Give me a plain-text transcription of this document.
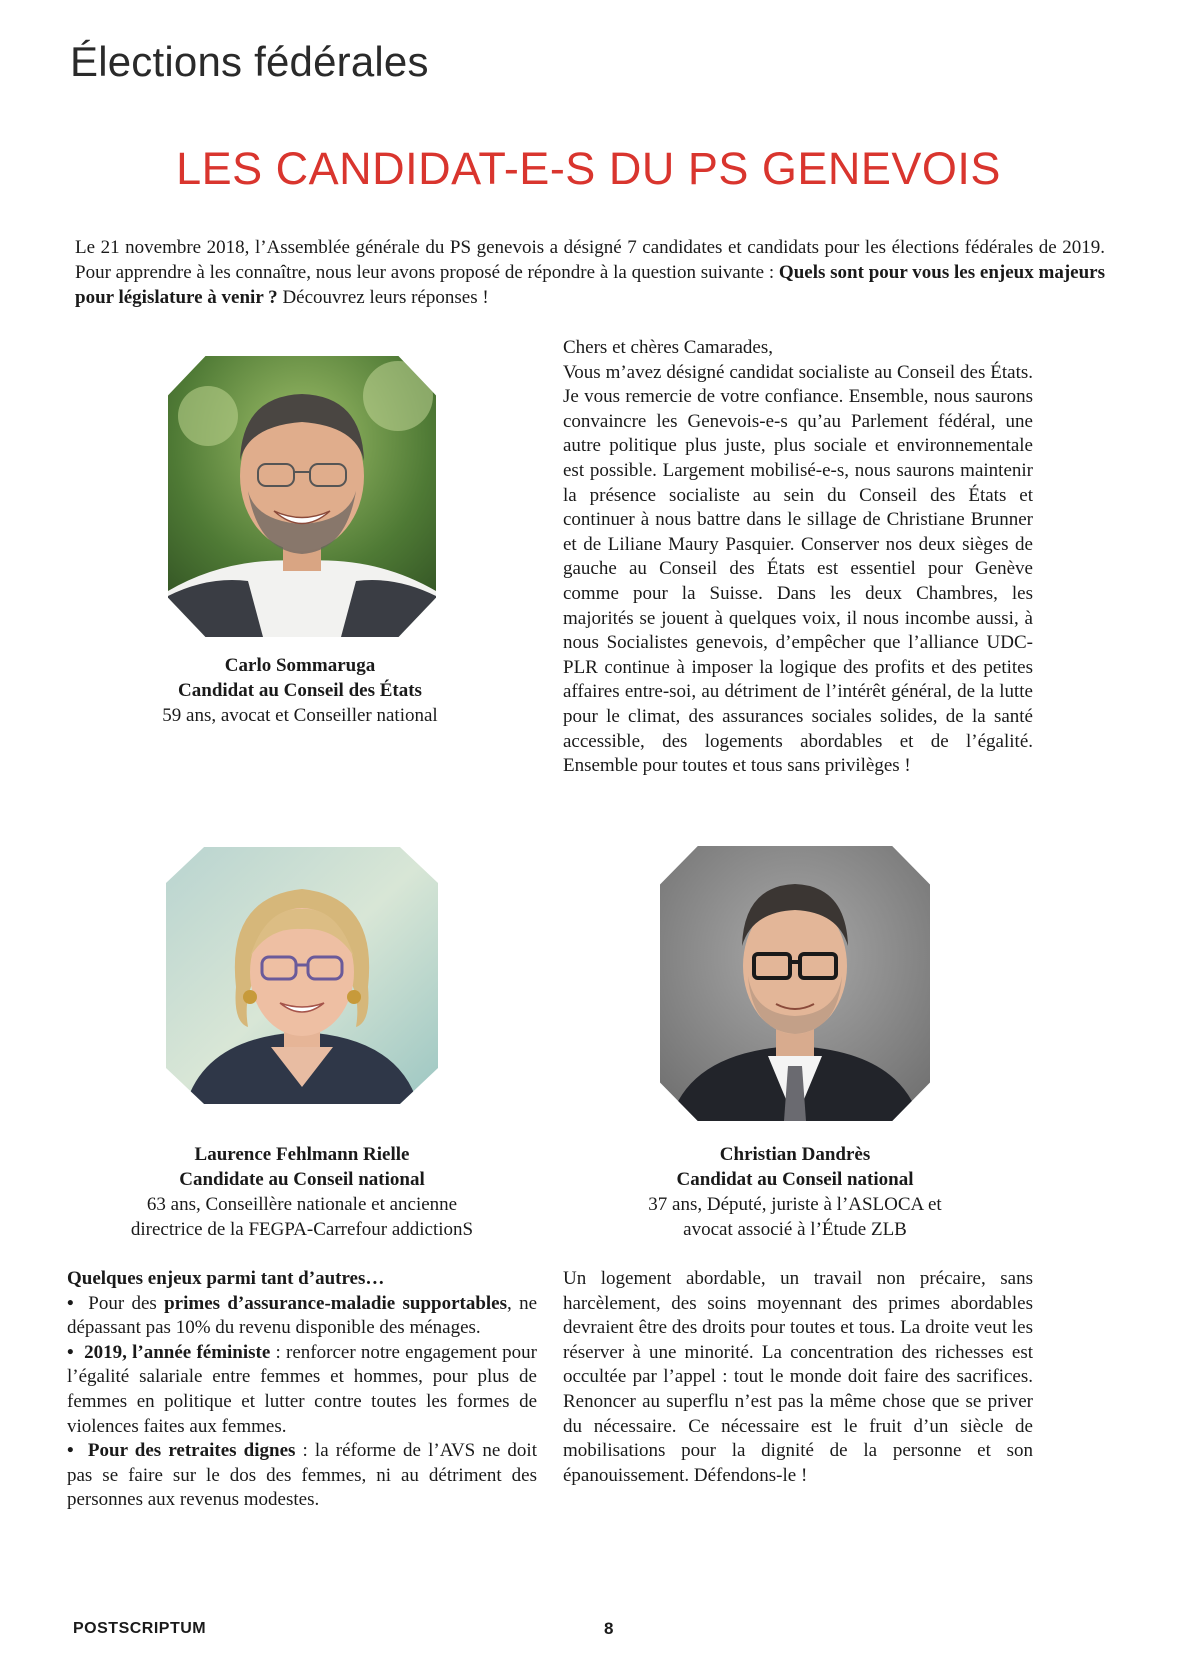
Élections fédérales
LES CANDIDAT-E-S DU PS GENEVOIS
Le 21 novembre 2018, l’Assemblée générale du PS genevois a désigné 7 candidates et candidats pour les élections fédérales de 2019. Pour apprendre à les connaître, nous leur avons proposé de répondre à la question suivante : Quels sont pour vous les enjeux majeurs pour législature à venir ? Découvrez leurs réponses !
Carlo Sommaruga
Candidat au Conseil des États
59 ans, avocat et Conseiller national

Chers et chères Camarades,

Vous m’avez désigné candidat socialiste au Conseil des États. Je vous remercie de votre confiance. Ensemble, nous saurons convaincre les Genevois-e-s qu’au Parlement fédéral, une autre politique plus juste, plus sociale et environnementale est possible. Largement mobilisé-e-s, nous saurons maintenir la présence socialiste au sein du Conseil des États et continuer à nous battre dans le sillage de Christiane Brunner et de Liliane Maury Pasquier. Conserver nos deux sièges de gauche au Conseil des États est essentiel pour Genève comme pour la Suisse. Dans les deux Chambres, les majorités se jouent à quelques voix, il nous incombe aussi, à nous Socialistes genevois, d’empêcher que l’alliance UDC-PLR continue à imposer la logique des profits et des petites affaires entre-soi, au détriment de l’intérêt général, de la lutte pour le climat, des assurances sociales solides, de la santé accessible, des logements abordables et de l’égalité. Ensemble pour toutes et tous sans privilèges !

Laurence Fehlmann Rielle
Candidate au Conseil national
63 ans, Conseillère nationale et ancienne
directrice de la FEGPA-Carrefour addictionS
Christian Dandrès
Candidat au Conseil national
37 ans, Député, juriste à l’ASLOCA et
avocat associé à l’Étude ZLB

Quelques enjeux parmi tant d’autres…

• Pour des primes d’assurance-maladie supportables, ne dépassant pas 10% du revenu disponible des ménages.

• 2019, l’année féministe : renforcer notre engagement pour l’égalité salariale entre femmes et hommes, pour plus de femmes en politique et lutter contre toutes les formes de violences faites aux femmes.

• Pour des retraites dignes : la réforme de l’AVS ne doit pas se faire sur le dos des femmes, ni au détriment des personnes aux revenus modestes.

Un logement abordable, un travail non précaire, sans harcèlement, des soins moyennant des primes abordables devraient être des droits pour toutes et tous. La droite veut les réserver à une minorité. La concentration des richesses est occultée par l’appel : tout le monde doit faire des sacrifices. Renoncer au superflu n’est pas la même chose que se priver du nécessaire. Ce nécessaire est le fruit d’un siècle de mobilisations pour la dignité de la personne et son épanouissement. Défendons-le !

POSTSCRIPTUM	8
